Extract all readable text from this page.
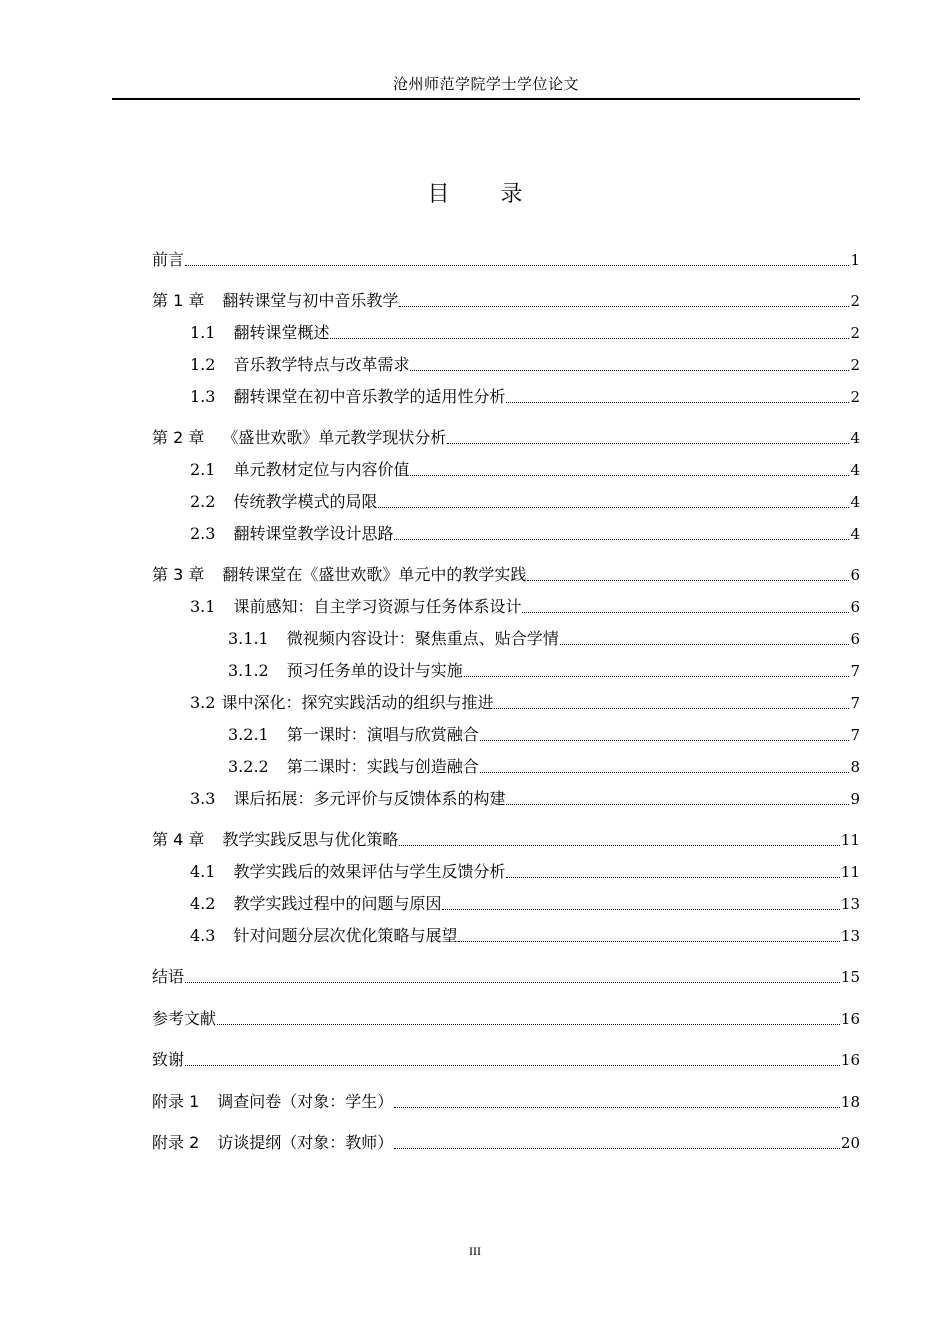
沧州师范学院学士学位论文
目 录
前言	1
第 1 章 翻转课堂与初中音乐教学	2
1.1 翻转课堂概述	2
1.2 音乐教学特点与改革需求	2
1.3 翻转课堂在初中音乐教学的适用性分析	2
第 2 章 《盛世欢歌》单元教学现状分析	4
2.1 单元教材定位与内容价值	4
2.2 传统教学模式的局限	4
2.3 翻转课堂教学设计思路	4
第 3 章 翻转课堂在《盛世欢歌》单元中的教学实践	6
3.1 课前感知：自主学习资源与任务体系设计	6
3.1.1 微视频内容设计：聚焦重点、贴合学情	6
3.1.2 预习任务单的设计与实施	7
3.2 课中深化：探究实践活动的组织与推进	7
3.2.1 第一课时：演唱与欣赏融合	7
3.2.2 第二课时：实践与创造融合	8
3.3 课后拓展：多元评价与反馈体系的构建	9
第 4 章 教学实践反思与优化策略	11
4.1 教学实践后的效果评估与学生反馈分析	11
4.2 教学实践过程中的问题与原因	13
4.3 针对问题分层次优化策略与展望	13
结语	15
参考文献	16
致谢	16
附录 1 调查问卷（对象：学生）	18
附录 2 访谈提纲（对象：教师）	20
III
